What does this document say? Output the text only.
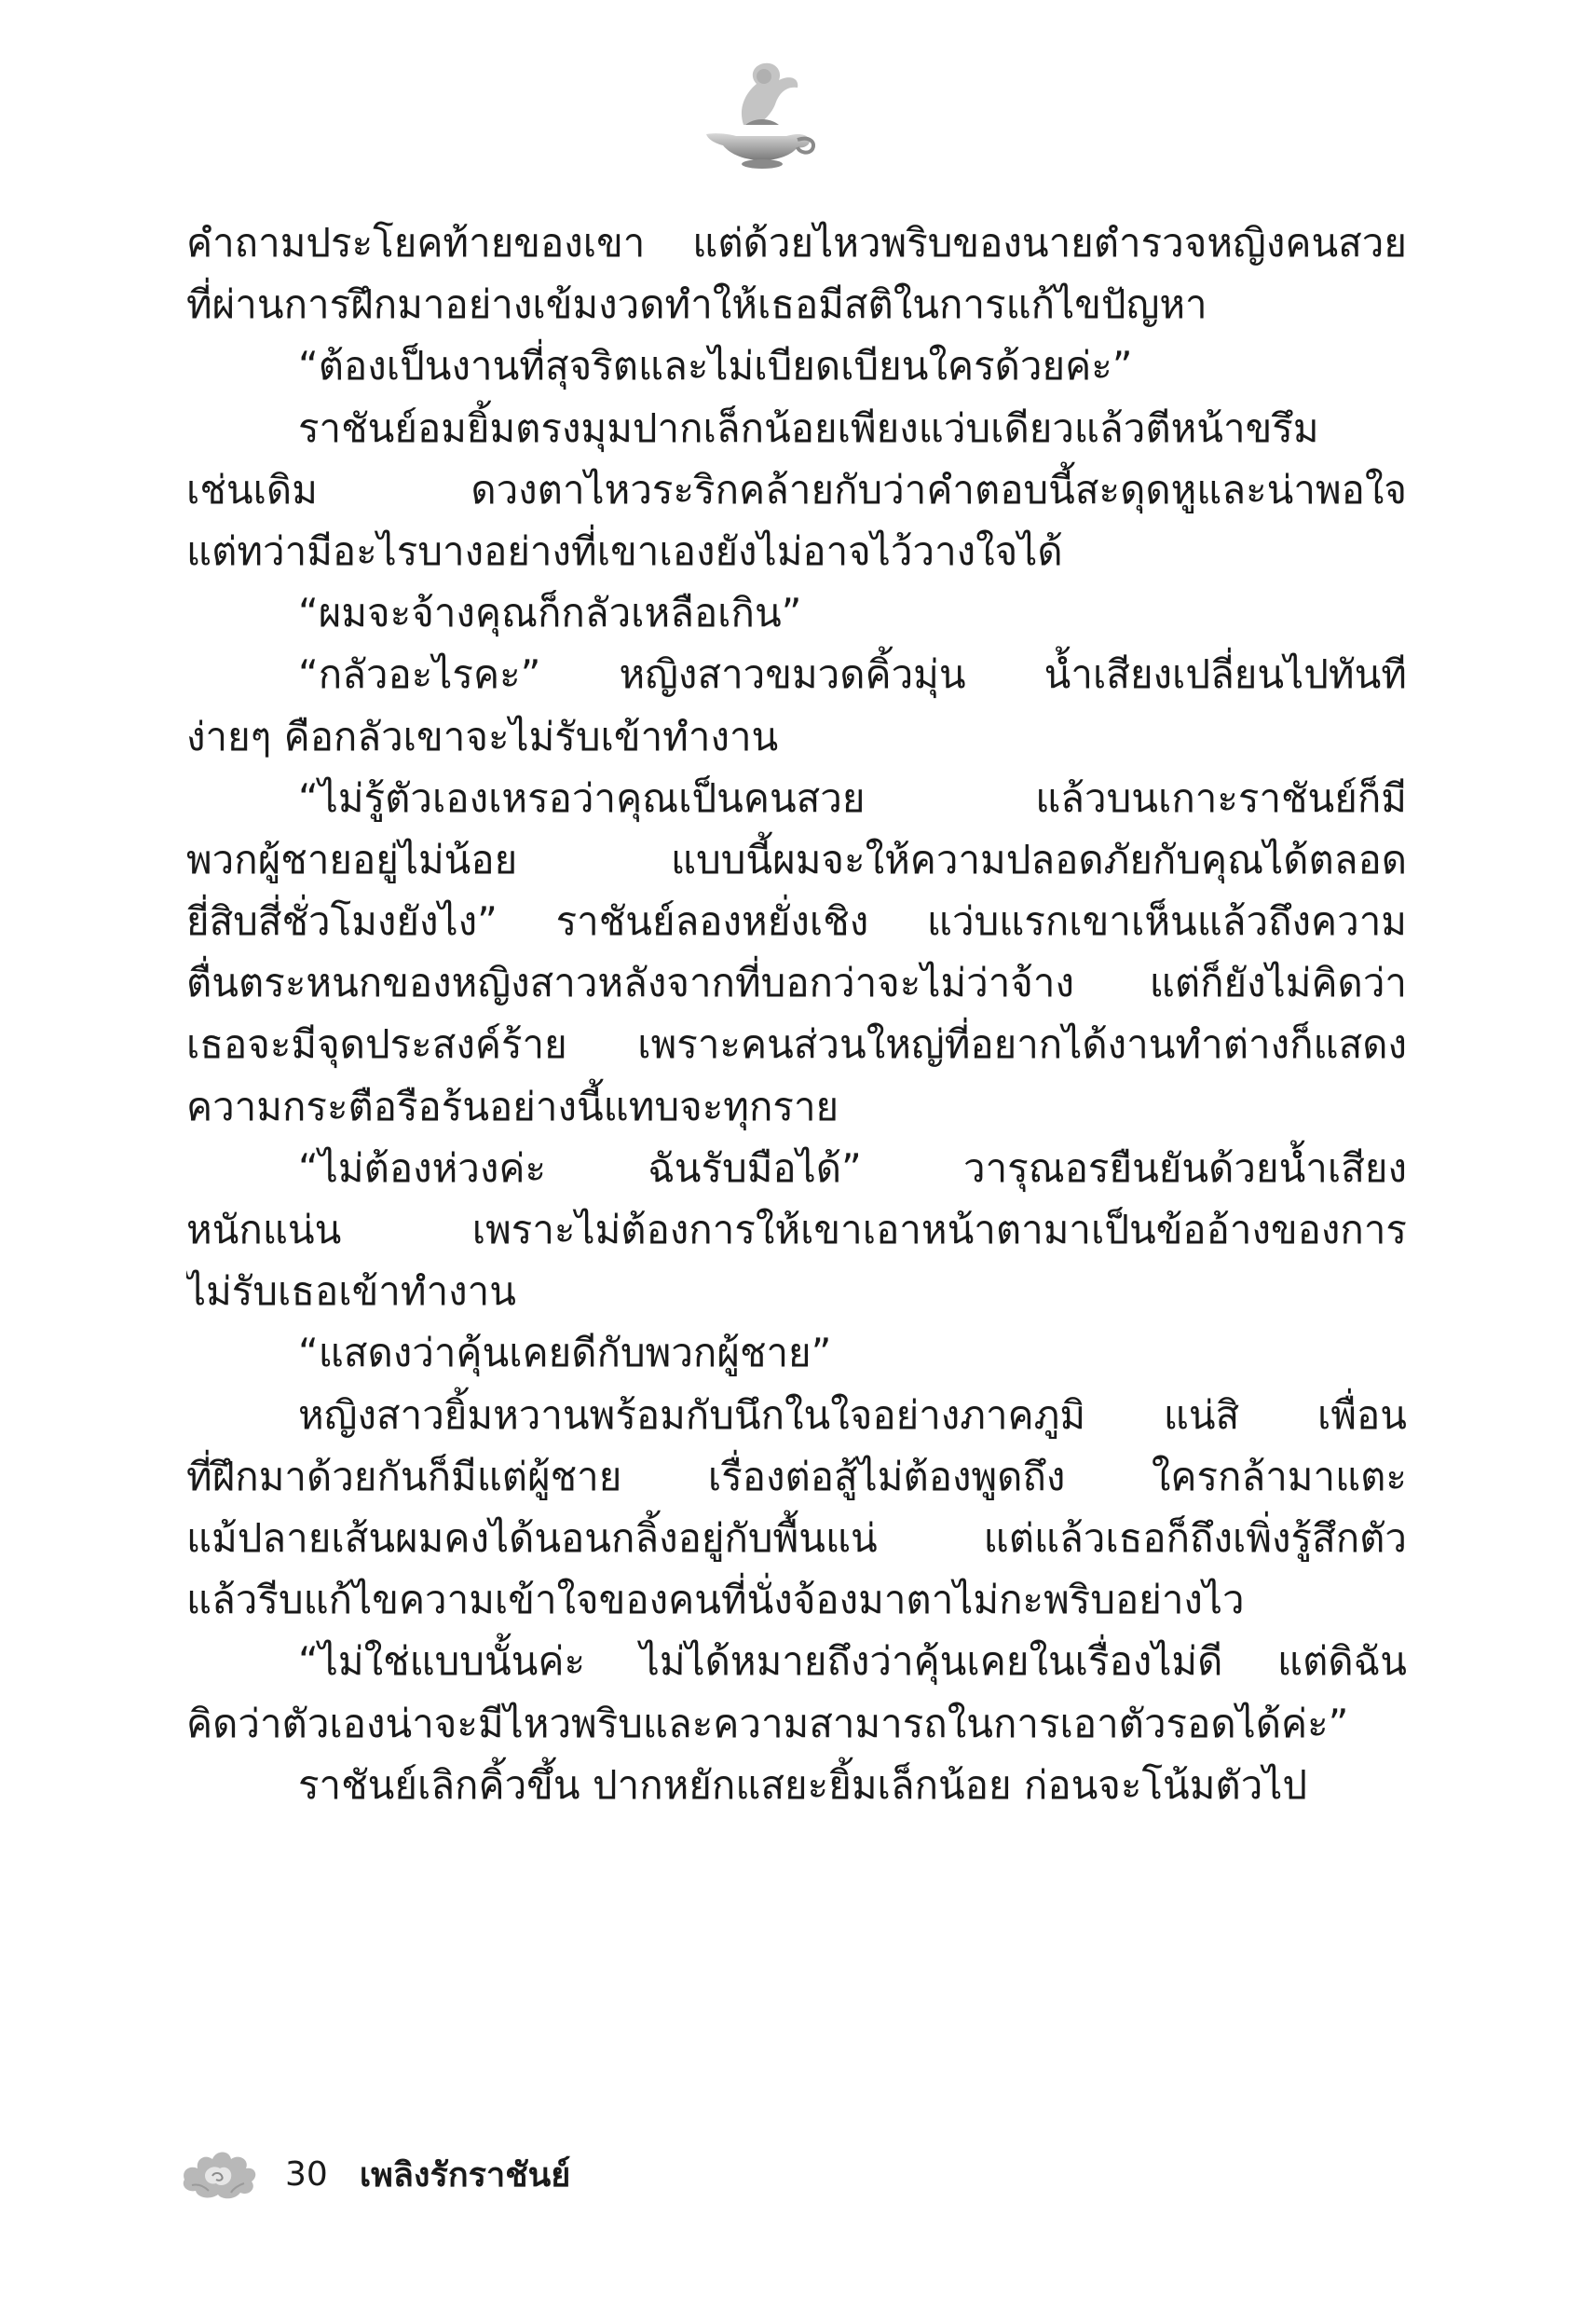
คำถามประโยคท้ายของเขา แต่ด้วยไหวพริบของนายตำรวจหญิงคนสวย
ที่ผ่านการฝึกมาอย่างเข้มงวดทำให้เธอมีสติในการแก้ไขปัญหา
“ต้องเป็นงานที่สุจริตและไม่เบียดเบียนใครด้วยค่ะ”
ราชันย์อมยิ้มตรงมุมปากเล็กน้อยเพียงแว่บเดียวแล้วตีหน้าขรึม
เช่นเดิม ดวงตาไหวระริกคล้ายกับว่าคำตอบนี้สะดุดหูและน่าพอใจ
แต่ทว่ามีอะไรบางอย่างที่เขาเองยังไม่อาจไว้วางใจได้
“ผมจะจ้างคุณก็กลัวเหลือเกิน”
“กลัวอะไรคะ” หญิงสาวขมวดคิ้วมุ่น น้ำเสียงเปลี่ยนไปทันที
ง่ายๆ คือกลัวเขาจะไม่รับเข้าทำงาน
“ไม่รู้ตัวเองเหรอว่าคุณเป็นคนสวย แล้วบนเกาะราชันย์ก็มี
พวกผู้ชายอยู่ไม่น้อย แบบนี้ผมจะให้ความปลอดภัยกับคุณได้ตลอด
ยี่สิบสี่ชั่วโมงยังไง” ราชันย์ลองหยั่งเชิง แว่บแรกเขาเห็นแล้วถึงความ
ตื่นตระหนกของหญิงสาวหลังจากที่บอกว่าจะไม่ว่าจ้าง แต่ก็ยังไม่คิดว่า
เธอจะมีจุดประสงค์ร้าย เพราะคนส่วนใหญ่ที่อยากได้งานทำต่างก็แสดง
ความกระตือรือร้นอย่างนี้แทบจะทุกราย
“ไม่ต้องห่วงค่ะ ฉันรับมือได้” วารุณอรยืนยันด้วยน้ำเสียง
หนักแน่น เพราะไม่ต้องการให้เขาเอาหน้าตามาเป็นข้ออ้างของการ
ไม่รับเธอเข้าทำงาน
“แสดงว่าคุ้นเคยดีกับพวกผู้ชาย”
หญิงสาวยิ้มหวานพร้อมกับนึกในใจอย่างภาคภูมิ แน่สิ เพื่อน
ที่ฝึกมาด้วยกันก็มีแต่ผู้ชาย เรื่องต่อสู้ไม่ต้องพูดถึง ใครกล้ามาแตะ
แม้ปลายเส้นผมคงได้นอนกลิ้งอยู่กับพื้นแน่ แต่แล้วเธอก็ถึงเพิ่งรู้สึกตัว
แล้วรีบแก้ไขความเข้าใจของคนที่นั่งจ้องมาตาไม่กะพริบอย่างไว
“ไม่ใช่แบบนั้นค่ะ ไม่ได้หมายถึงว่าคุ้นเคยในเรื่องไม่ดี แต่ดิฉัน
คิดว่าตัวเองน่าจะมีไหวพริบและความสามารถในการเอาตัวรอดได้ค่ะ”
ราชันย์เลิกคิ้วขึ้น ปากหยักแสยะยิ้มเล็กน้อย ก่อนจะโน้มตัวไป
30 เพลิงรักราชันย์
